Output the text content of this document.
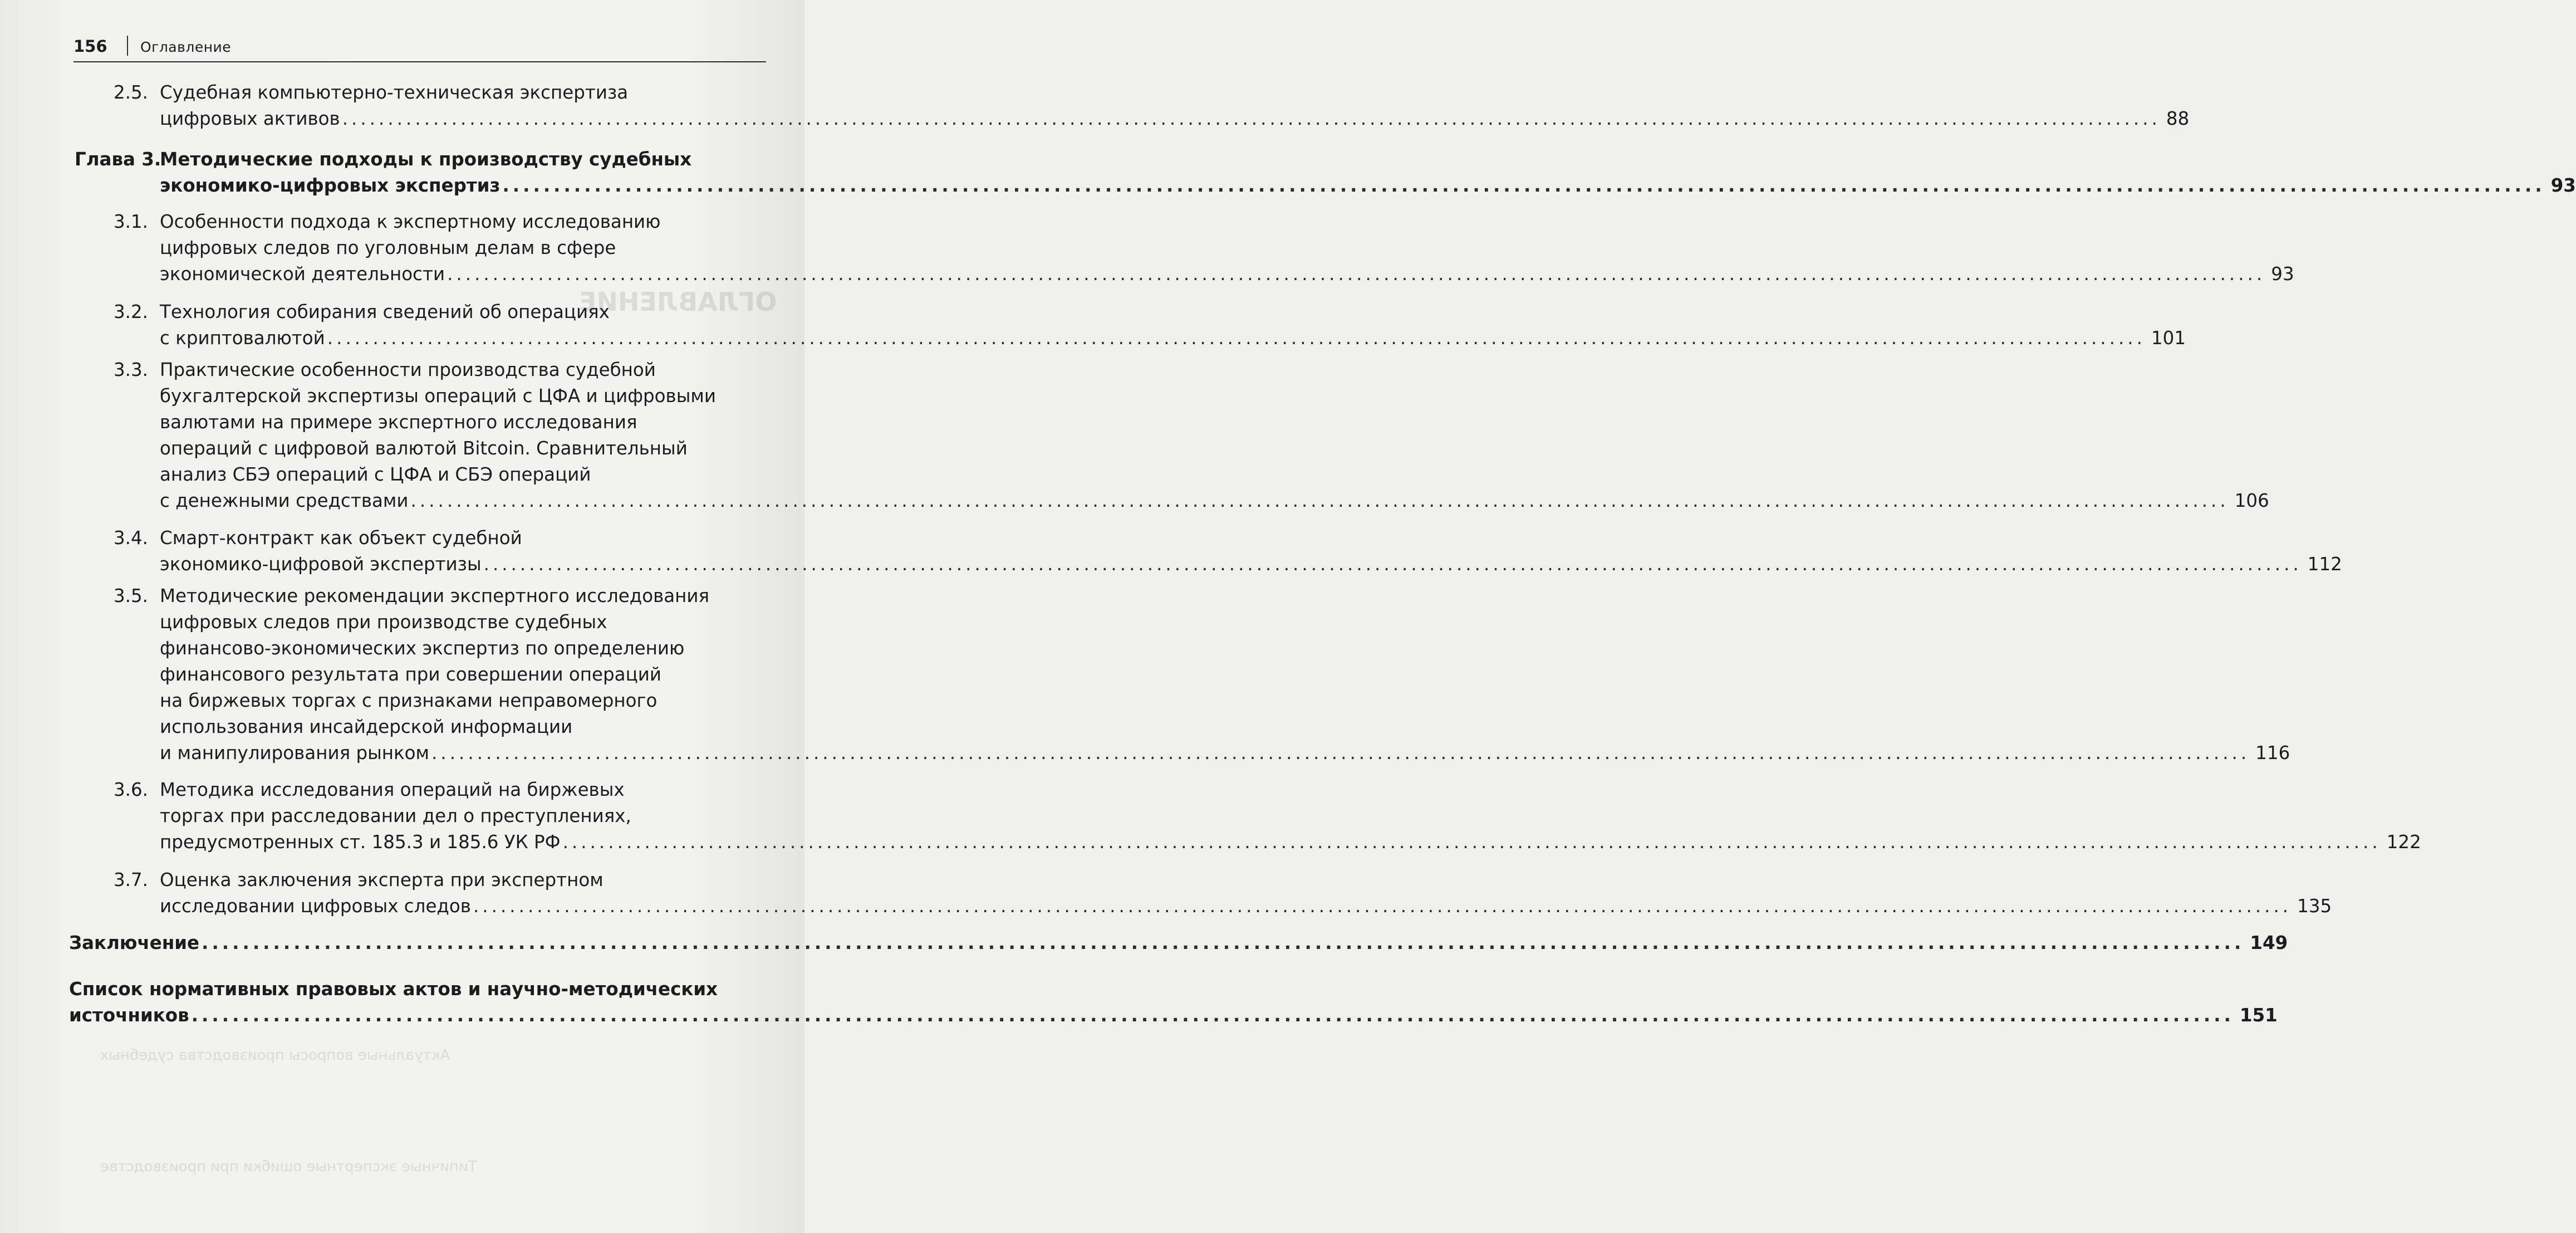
ОГЛАВЛЕНИЕ
Актуальные вопросы производства судебных
Типичные экспертные ошибки при производстве
156 Оглавление
2.5. Судебная компьютерно-техническая экспертиза
цифровых активов ........................................................................................................................................................................................................ 88
Глава 3.
Методические подходы к производству судебных
экономико-цифровых экспертиз ........................................................................................................................................................................................................ 93
3.1. Особенности подхода к экспертному исследованию
цифровых следов по уголовным делам в сфере
экономической деятельности ........................................................................................................................................................................................................ 93
3.2. Технология собирания сведений об операциях
с криптовалютой ........................................................................................................................................................................................................ 101
3.3. Практические особенности производства судебной
бухгалтерской экспертизы операций с ЦФА и цифровыми
валютами на примере экспертного исследования
операций с цифровой валютой Bitcoin. Сравнительный
анализ СБЭ операций с ЦФА и СБЭ операций
с денежными средствами ........................................................................................................................................................................................................ 106
3.4. Смарт-контракт как объект судебной
экономико-цифровой экспертизы ........................................................................................................................................................................................................ 112
3.5. Методические рекомендации экспертного исследования
цифровых следов при производстве судебных
финансово-экономических экспертиз по определению
финансового результата при совершении операций
на биржевых торгах с признаками неправомерного
использования инсайдерской информации
и манипулирования рынком ........................................................................................................................................................................................................ 116
3.6. Методика исследования операций на биржевых
торгах при расследовании дел о преступлениях,
предусмотренных ст. 185.3 и 185.6 УК РФ ........................................................................................................................................................................................................ 122
3.7. Оценка заключения эксперта при экспертном
исследовании цифровых следов ........................................................................................................................................................................................................ 135
Заключение ........................................................................................................................................................................................................ 149
Список нормативных правовых актов и научно-методических
источников ........................................................................................................................................................................................................ 151
